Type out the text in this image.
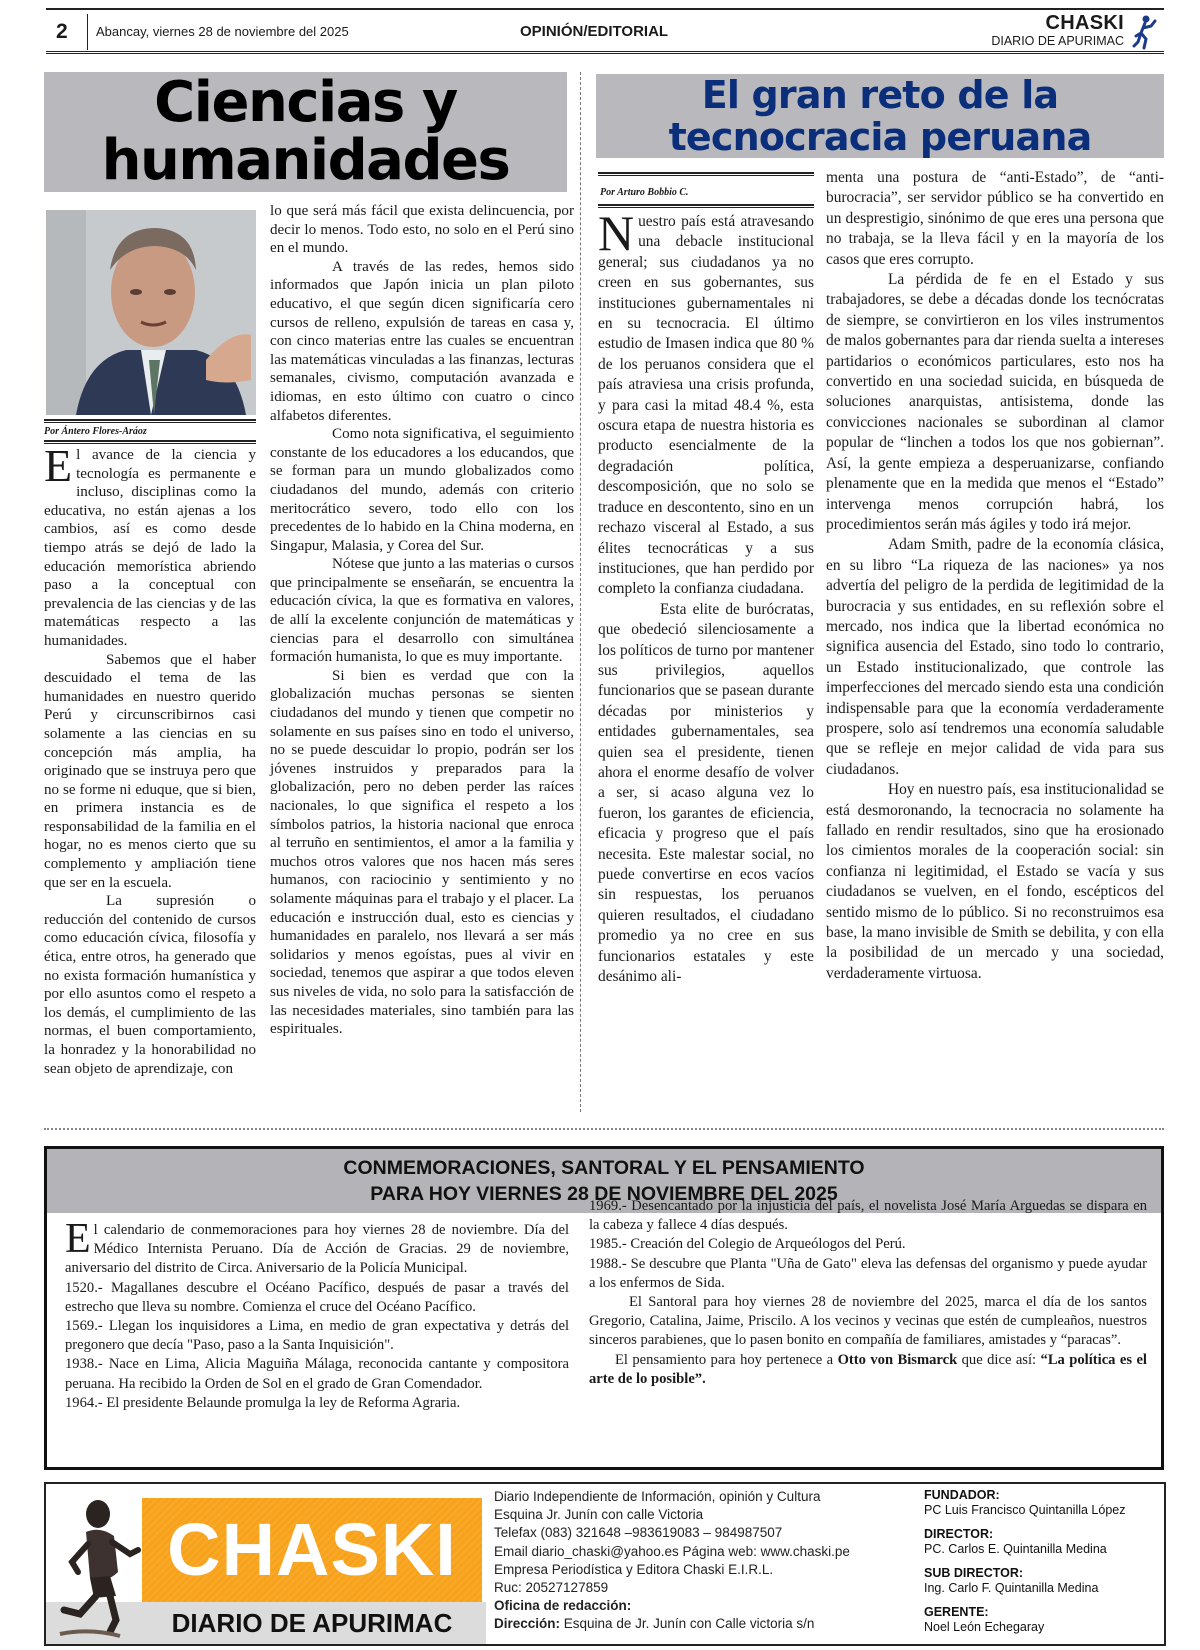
2 Abancay, viernes 28 de noviembre del 2025	OPINIÓN/EDITORIAL	CHASKI
DIARIO DE APURIMAC
Ciencias y
humanidades
Por Ántero Flores-Aráoz

El avance de la ciencia y tecnología es permanente e incluso, disciplinas como la educativa, no están ajenas a los cambios, así es como desde tiempo atrás se dejó de lado la educación memorística abriendo paso a la conceptual con prevalencia de las ciencias y de las matemáticas respecto a las humanidades.

Sabemos que el haber descuidado el tema de las humanidades en nuestro querido Perú y circunscribirnos casi solamente a las ciencias en su concepción más amplia, ha originado que se instruya pero que no se forme ni eduque, que si bien, en primera instancia es de responsabilidad de la familia en el hogar, no es menos cierto que su complemento y ampliación tiene que ser en la escuela.

La supresión o reducción del contenido de cursos como educación cívica, filosofía y ética, entre otros, ha generado que no exista formación humanística y por ello asuntos como el respeto a los demás, el cumplimiento de las normas, el buen comportamiento, la honradez y la honorabilidad no sean objeto de aprendizaje, con

lo que será más fácil que exista delincuencia, por decir lo menos. Todo esto, no solo en el Perú sino en el mundo.

A través de las redes, hemos sido informados que Japón inicia un plan piloto educativo, el que según dicen significaría cero cursos de relleno, expulsión de tareas en casa y, con cinco materias entre las cuales se encuentran las matemáticas vinculadas a las finanzas, lecturas semanales, civismo, computación avanzada e idiomas, en esto último con cuatro o cinco alfabetos diferentes.

Como nota significativa, el seguimiento constante de los educadores a los educandos, que se forman para un mundo globalizados como ciudadanos del mundo, además con criterio meritocrático severo, todo ello con los precedentes de lo habido en la China moderna, en Singapur, Malasia, y Corea del Sur.

Nótese que junto a las materias o cursos que principalmente se enseñarán, se encuentra la educación cívica, la que es formativa en valores, de allí la excelente conjunción de matemáticas y ciencias para el desarrollo con simultánea formación humanista, lo que es muy importante.

Si bien es verdad que con la globalización muchas personas se sienten ciudadanos del mundo y tienen que competir no solamente en sus países sino en todo el universo, no se puede descuidar lo propio, podrán ser los jóvenes instruidos y preparados para la globalización, pero no deben perder las raíces nacionales, lo que significa el respeto a los símbolos patrios, la historia nacional que enroca al terruño en sentimientos, el amor a la familia y muchos otros valores que nos hacen más seres humanos, con raciocinio y sentimiento y no solamente máquinas para el trabajo y el placer. La educación e instrucción dual, esto es ciencias y humanidades en paralelo, nos llevará a ser más solidarios y menos egoístas, pues al vivir en sociedad, tenemos que aspirar a que todos eleven sus niveles de vida, no solo para la satisfacción de las necesidades materiales, sino también para las espirituales.

El gran reto de la
tecnocracia peruana
Por Arturo Bobbio C.

Nuestro país está atravesando una debacle institucional general; sus ciudadanos ya no creen en sus gobernantes, sus instituciones gubernamentales ni en su tecnocracia. El último estudio de Imasen indica que 80 % de los peruanos considera que el país atraviesa una crisis profunda, y para casi la mitad 48.4 %, esta oscura etapa de nuestra historia es producto esencialmente de la degradación política, descomposición, que no solo se traduce en descontento, sino en un rechazo visceral al Estado, a sus élites tecnocráticas y a sus instituciones, que han perdido por completo la confianza ciudadana.

Esta elite de burócratas, que obedeció silenciosamente a los políticos de turno por mantener sus privilegios, aquellos funcionarios que se pasean durante décadas por ministerios y entidades gubernamentales, sea quien sea el presidente, tienen ahora el enorme desafío de volver a ser, si acaso alguna vez lo fueron, los garantes de eficiencia, eficacia y progreso que el país necesita. Este malestar social, no puede convertirse en ecos vacíos sin respuestas, los peruanos quieren resultados, el ciudadano promedio ya no cree en sus funcionarios estatales y este desánimo ali-

menta una postura de “anti-Estado”, de “anti-burocracia”, ser servidor público se ha convertido en un desprestigio, sinónimo de que eres una persona que no trabaja, se la lleva fácil y en la mayoría de los casos que eres corrupto.

La pérdida de fe en el Estado y sus trabajadores, se debe a décadas donde los tecnócratas de siempre, se convirtieron en los viles instrumentos de malos gobernantes para dar rienda suelta a intereses partidarios o económicos particulares, esto nos ha convertido en una sociedad suicida, en búsqueda de soluciones anarquistas, antisistema, donde las convicciones nacionales se subordinan al clamor popular de “linchen a todos los que nos gobiernan”. Así, la gente empieza a desperuanizarse, confiando plenamente que en la medida que menos el “Estado” intervenga menos corrupción habrá, los procedimientos serán más ágiles y todo irá mejor.

Adam Smith, padre de la economía clásica, en su libro “La riqueza de las naciones» ya nos advertía del peligro de la perdida de legitimidad de la burocracia y sus entidades, en su reflexión sobre el mercado, nos indica que la libertad económica no significa ausencia del Estado, sino todo lo contrario, un Estado institucionalizado, que controle las imperfecciones del mercado siendo esta una condición indispensable para que la economía verdaderamente prospere, solo así tendremos una economía saludable que se refleje en mejor calidad de vida para sus ciudadanos.

Hoy en nuestro país, esa institucionalidad se está desmoronando, la tecnocracia no solamente ha fallado en rendir resultados, sino que ha erosionado los cimientos morales de la cooperación social: sin confianza ni legitimidad, el Estado se vacía y sus ciudadanos se vuelven, en el fondo, escépticos del sentido mismo de lo público. Si no reconstruimos esa base, la mano invisible de Smith se debilita, y con ella la posibilidad de un mercado y una sociedad, verdaderamente virtuosa.

CONMEMORACIONES, SANTORAL Y EL PENSAMIENTO
PARA HOY VIERNES 28 DE NOVIEMBRE DEL 2025

El calendario de conmemoraciones para hoy viernes 28 de noviembre. Día del Médico Internista Peruano. Día de Acción de Gracias. 29 de noviembre, aniversario del distrito de Circa. Aniversario de la Policía Municipal.

1520.- Magallanes descubre el Océano Pacífico, después de pasar a través del estrecho que lleva su nombre. Comienza el cruce del Océano Pacífico.

1569.- Llegan los inquisidores a Lima, en medio de gran expectativa y detrás del pregonero que decía "Paso, paso a la Santa Inquisición".

1938.- Nace en Lima, Alicia Maguiña Málaga, reconocida cantante y compositora peruana. Ha recibido la Orden de Sol en el grado de Gran Comendador.

1964.- El presidente Belaunde promulga la ley de Reforma Agraria.

1969.- Desencantado por la injusticia del país, el novelista José María Arguedas se dispara en la cabeza y fallece 4 días después.

1985.- Creación del Colegio de Arqueólogos del Perú.

1988.- Se descubre que Planta "Uña de Gato" eleva las defensas del organismo y puede ayudar a los enfermos de Sida.

El Santoral para hoy viernes 28 de noviembre del 2025, marca el día de los santos Gregorio, Catalina, Jaime, Priscilo. A los vecinos y vecinas que estén de cumpleaños, nuestros sinceros parabienes, que lo pasen bonito en compañía de familiares, amistades y “paracas”.

El pensamiento para hoy pertenece a Otto von Bismarck que dice así: “La política es el arte de lo posible”.

CHASKI
DIARIO DE APURIMAC
Diario Independiente de Información, opinión y Cultura
Esquina Jr. Junín con calle Victoria
Telefax (083) 321648 –983619083 – 984987507
Email diario_chaski@yahoo.es Página web: www.chaski.pe
Empresa Periodística y Editora Chaski E.I.R.L.
Ruc: 20527127859
Oficina de redacción:
Dirección: Esquina de Jr. Junín con Calle victoria s/n
FUNDADOR:
PC Luis Francisco Quintanilla López
DIRECTOR:
PC. Carlos E. Quintanilla Medina
SUB DIRECTOR:
Ing. Carlo F. Quintanilla Medina
GERENTE:
Noel León Echegaray
